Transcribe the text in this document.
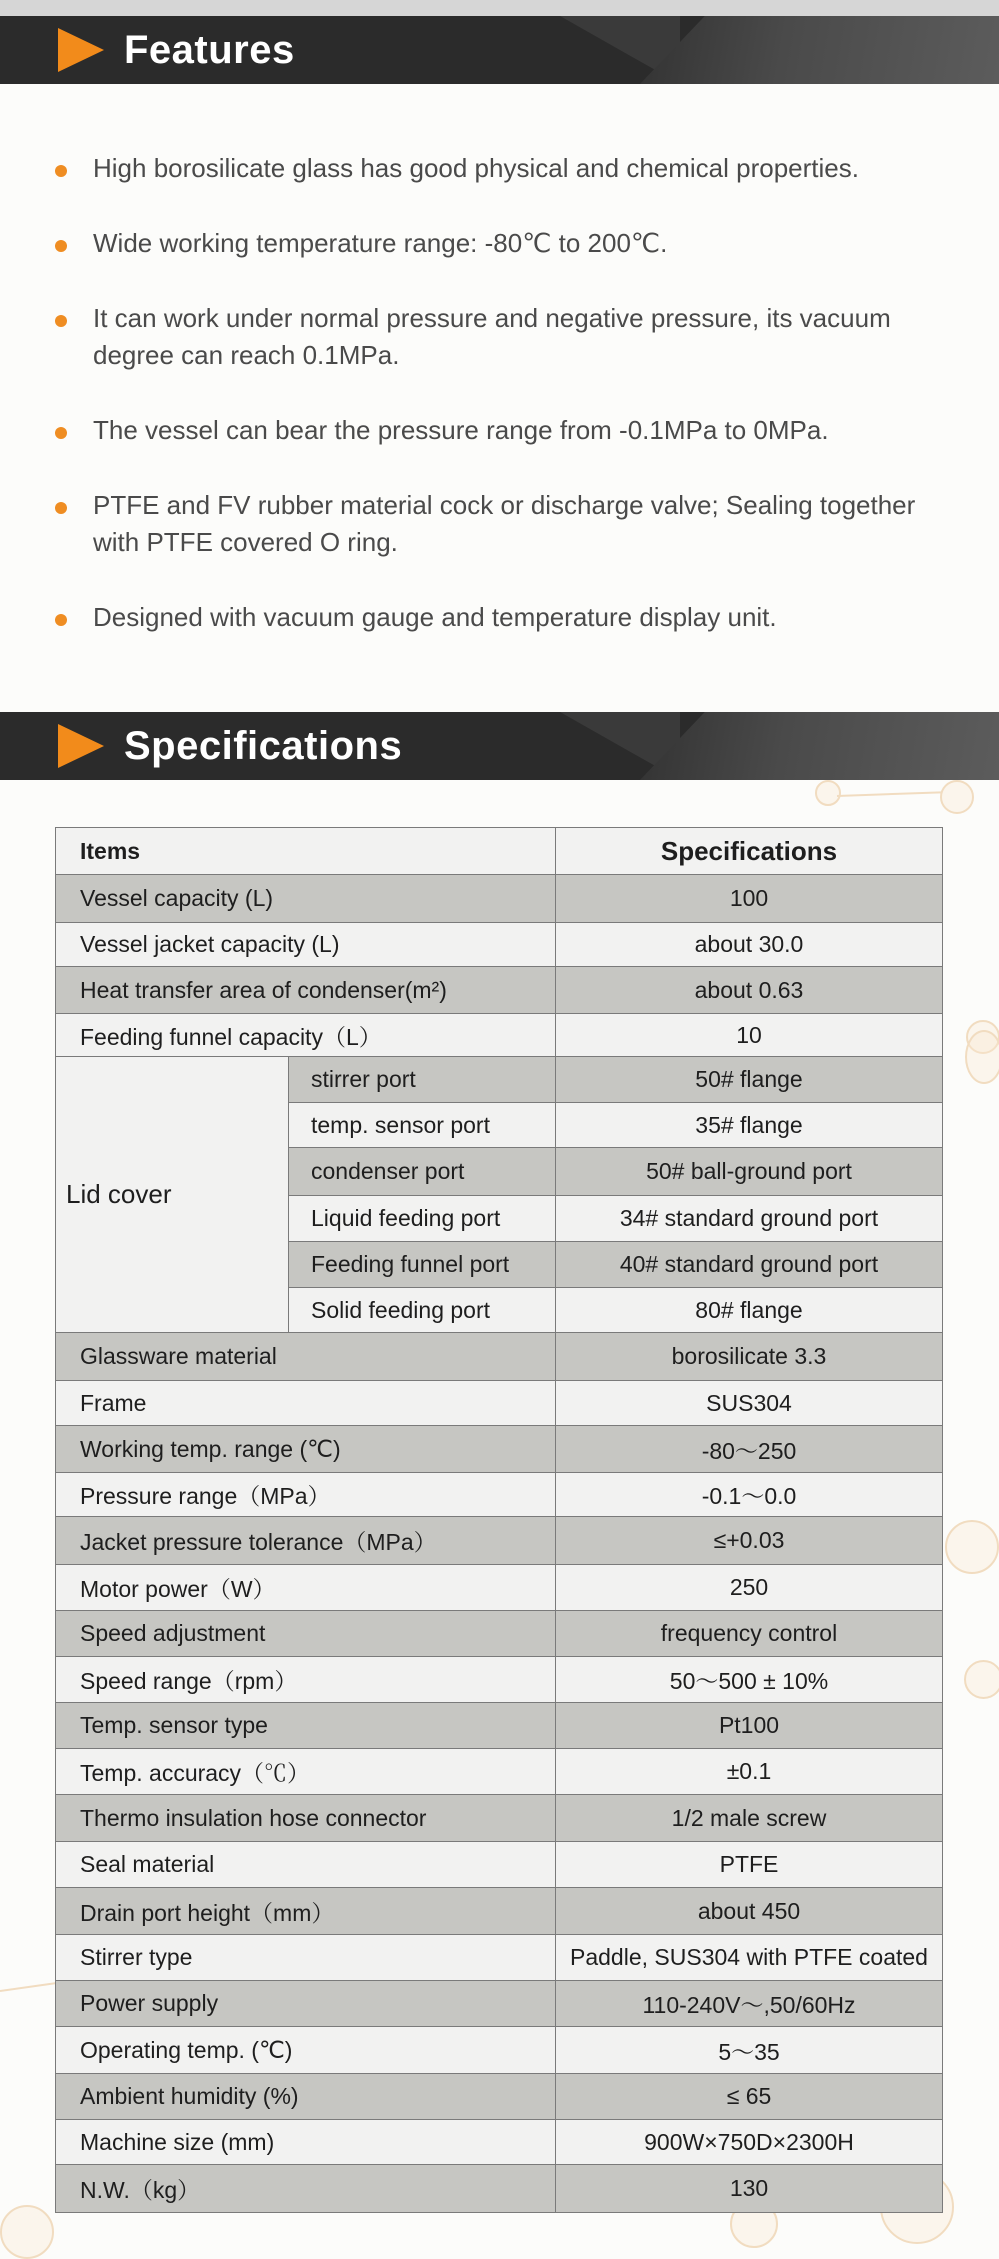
Features
High borosilicate glass has good physical and chemical properties.
Wide working temperature range: -80℃ to 200℃.
It can work under normal pressure and negative pressure, its vacuum degree can reach 0.1MPa.
The vessel can bear the pressure range from -0.1MPa to 0MPa.
PTFE and FV rubber material cock or discharge valve; Sealing together with PTFE covered O ring.
Designed with vacuum gauge and temperature display unit.
Specifications
Items		Specifications
Vessel capacity (L)		100
Vessel jacket capacity (L)		about 30.0
Heat transfer area of condenser(m²)		about 0.63
Feeding funnel capacity（L）		10
Lid cover	stirrer port	50# flange
	temp. sensor port	35# flange
	condenser port	50# ball-ground port
	Liquid feeding port	34# standard ground port
	Feeding funnel port	40# standard ground port
	Solid feeding port	80# flange
Glassware material		borosilicate 3.3
Frame		SUS304
Working temp. range (℃)		-80～250
Pressure range（MPa）		-0.1～0.0
Jacket pressure tolerance（MPa）		≤+0.03
Motor power（W）		250
Speed adjustment		frequency control
Speed range（rpm）		50～500 ± 10%
Temp. sensor type		Pt100
Temp. accuracy（℃）		±0.1
Thermo insulation hose connector		1/2 male screw
Seal material		PTFE
Drain port height（mm）		about 450
Stirrer type		Paddle, SUS304 with PTFE coated
Power supply		110-240V～,50/60Hz
Operating temp. (℃)		5～35
Ambient humidity (%)		≤ 65
Machine size (mm)		900W×750D×2300H
N.W.（kg）		130
